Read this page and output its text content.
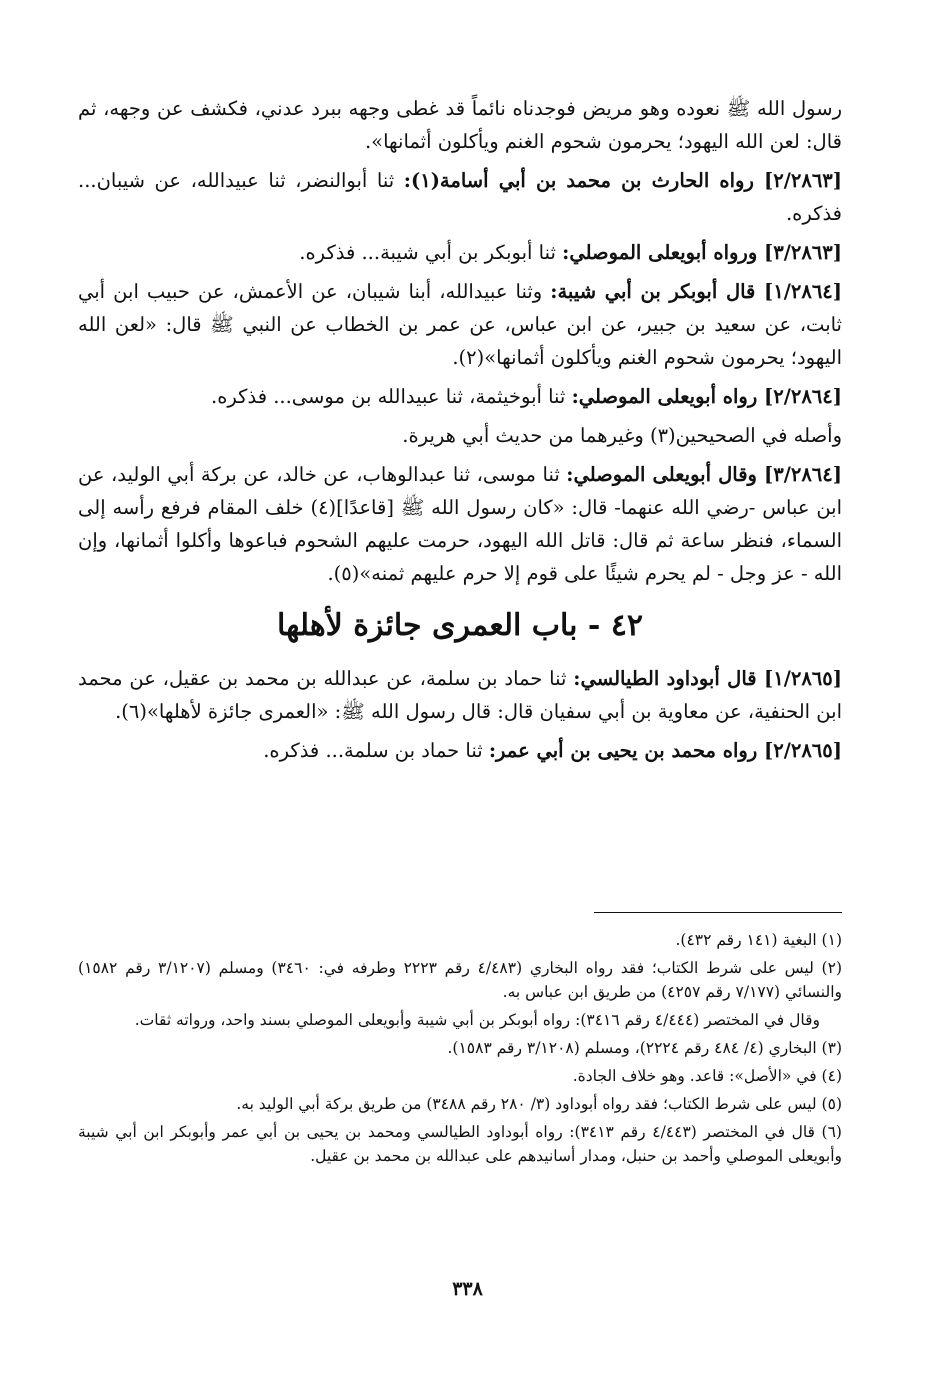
رسول الله ﷺ نعوده وهو مريض فوجدناه نائماً قد غطى وجهه ببرد عدني، فكشف عن وجهه، ثم قال: لعن الله اليهود؛ يحرمون شحوم الغنم ويأكلون أثمانها».

[٢/٢٨٦٣] رواه الحارث بن محمد بن أبي أسامة(١): ثنا أبوالنضر، ثنا عبيدالله، عن شيبان... فذكره.

[٣/٢٨٦٣] ورواه أبويعلى الموصلي: ثنا أبوبكر بن أبي شيبة... فذكره.

[١/٢٨٦٤] قال أبوبكر بن أبي شيبة: وثنا عبيدالله، أبنا شيبان، عن الأعمش، عن حبيب ابن أبي ثابت، عن سعيد بن جبير، عن ابن عباس، عن عمر بن الخطاب عن النبي ﷺ قال: «لعن الله اليهود؛ يحرمون شحوم الغنم ويأكلون أثمانها»(٢).

[٢/٢٨٦٤] رواه أبويعلى الموصلي: ثنا أبوخيثمة، ثنا عبيدالله بن موسى... فذكره.

وأصله في الصحيحين(٣) وغيرهما من حديث أبي هريرة.

[٣/٢٨٦٤] وقال أبويعلى الموصلي: ثنا موسى، ثنا عبدالوهاب، عن خالد، عن بركة أبي الوليد، عن ابن عباس -رضي الله عنهما- قال: «كان رسول الله ﷺ [قاعدًا](٤) خلف المقام فرفع رأسه إلى السماء، فنظر ساعة ثم قال: قاتل الله اليهود، حرمت عليهم الشحوم فباعوها وأكلوا أثمانها، وإن الله - عز وجل - لم يحرم شيئًا على قوم إلا حرم عليهم ثمنه»(٥).

٤٢ - باب العمرى جائزة لأهلها

[١/٢٨٦٥] قال أبوداود الطيالسي: ثنا حماد بن سلمة، عن عبدالله بن محمد بن عقيل، عن محمد ابن الحنفية، عن معاوية بن أبي سفيان قال: قال رسول الله ﷺ: «العمرى جائزة لأهلها»(٦).

[٢/٢٨٦٥] رواه محمد بن يحيى بن أبي عمر: ثنا حماد بن سلمة... فذكره.

(١) البغية (١٤١ رقم ٤٣٢).

(٢) ليس على شرط الكتاب؛ فقد رواه البخاري (٤/٤٨٣ رقم ٢٢٢٣ وطرفه في: ٣٤٦٠) ومسلم (٣/١٢٠٧ رقم ١٥٨٢) والنسائي (٧/١٧٧ رقم ٤٢٥٧) من طريق ابن عباس به.

وقال في المختصر (٤/٤٤٤ رقم ٣٤١٦): رواه أبوبكر بن أبي شيبة وأبويعلى الموصلي بسند واحد، ورواته ثقات.

(٣) البخاري (٤/ ٤٨٤ رقم ٢٢٢٤)، ومسلم (٣/١٢٠٨ رقم ١٥٨٣).

(٤) في «الأصل»: قاعد. وهو خلاف الجادة.

(٥) ليس على شرط الكتاب؛ فقد رواه أبوداود (٣/ ٢٨٠ رقم ٣٤٨٨) من طريق بركة أبي الوليد به.

(٦) قال في المختصر (٤/٤٤٣ رقم ٣٤١٣): رواه أبوداود الطيالسي ومحمد بن يحيى بن أبي عمر وأبوبكر ابن أبي شيبة وأبويعلى الموصلي وأحمد بن حنبل، ومدار أسانيدهم على عبدالله بن محمد بن عقيل.

٣٣٨
